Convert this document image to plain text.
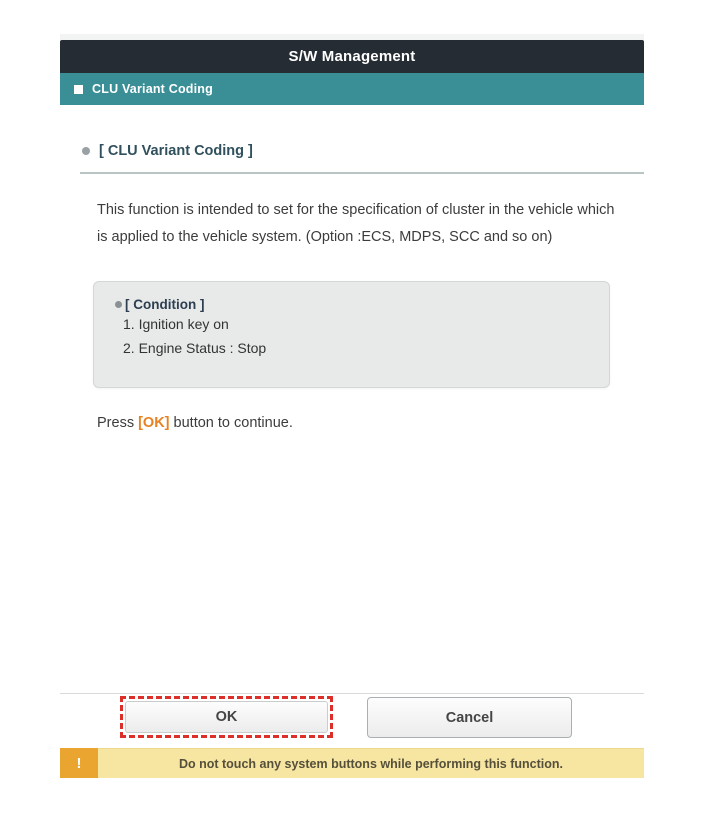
S/W Management
CLU Variant Coding
[ CLU Variant Coding ]
This function is intended to set for the specification of cluster in the vehicle which is applied to the vehicle system. (Option :ECS, MDPS, SCC and so on)
[ Condition ]
1. Ignition key on
2. Engine Status : Stop
Press [OK] button to continue.
OK	Cancel
!	Do not touch any system buttons while performing this function.
